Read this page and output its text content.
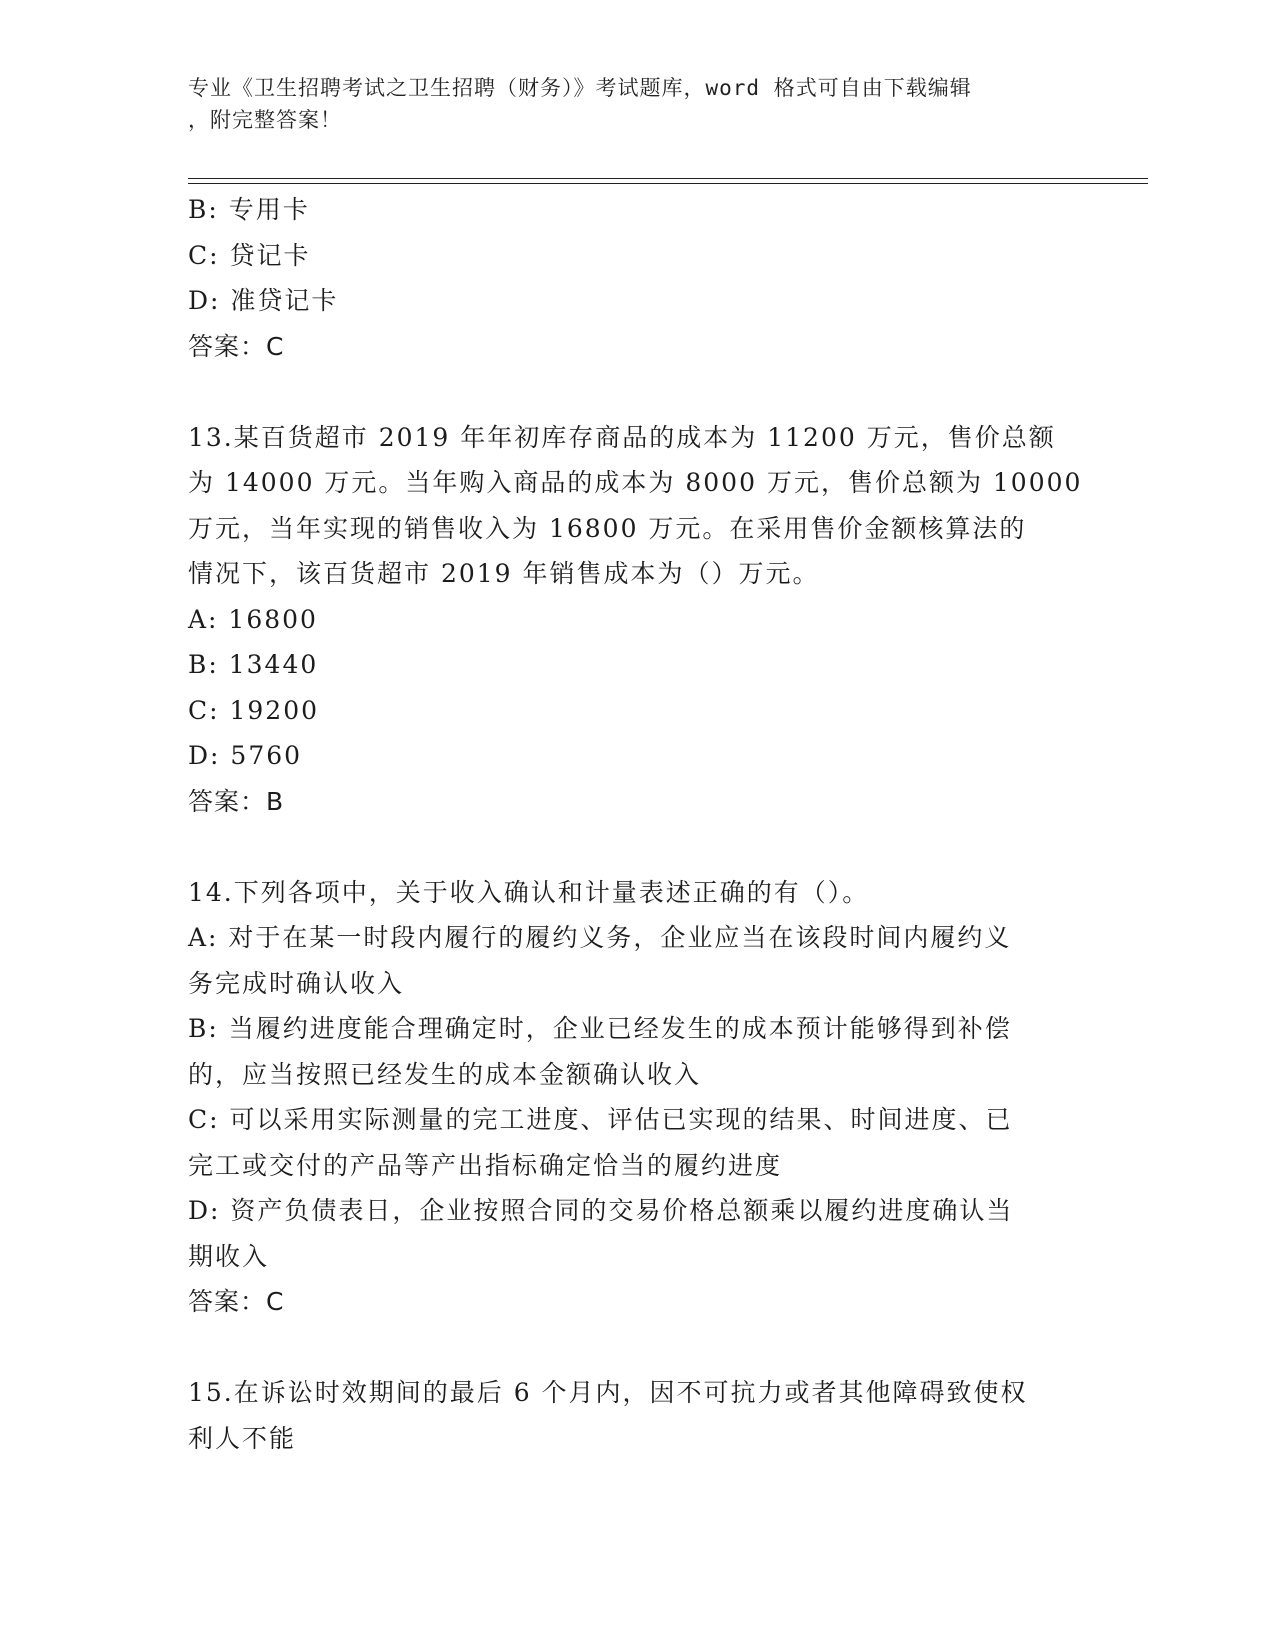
专业《卫生招聘考试之卫生招聘（财务）》考试题库，word 格式可自由下载编辑
，附完整答案！
B: 专用卡
C: 贷记卡
D: 准贷记卡
答案：C
13.某百货超市 2019 年年初库存商品的成本为 11200 万元，售价总额
为 14000 万元。当年购入商品的成本为 8000 万元，售价总额为 10000
万元，当年实现的销售收入为 16800 万元。在采用售价金额核算法的
情况下，该百货超市 2019 年销售成本为（）万元。
A: 16800
B: 13440
C: 19200
D: 5760
答案：B
14.下列各项中，关于收入确认和计量表述正确的有（）。
A: 对于在某一时段内履行的履约义务，企业应当在该段时间内履约义
务完成时确认收入
B: 当履约进度能合理确定时，企业已经发生的成本预计能够得到补偿
的，应当按照已经发生的成本金额确认收入
C: 可以采用实际测量的完工进度、评估已实现的结果、时间进度、已
完工或交付的产品等产出指标确定恰当的履约进度
D: 资产负债表日，企业按照合同的交易价格总额乘以履约进度确认当
期收入
答案：C
15.在诉讼时效期间的最后 6 个月内，因不可抗力或者其他障碍致使权
利人不能
